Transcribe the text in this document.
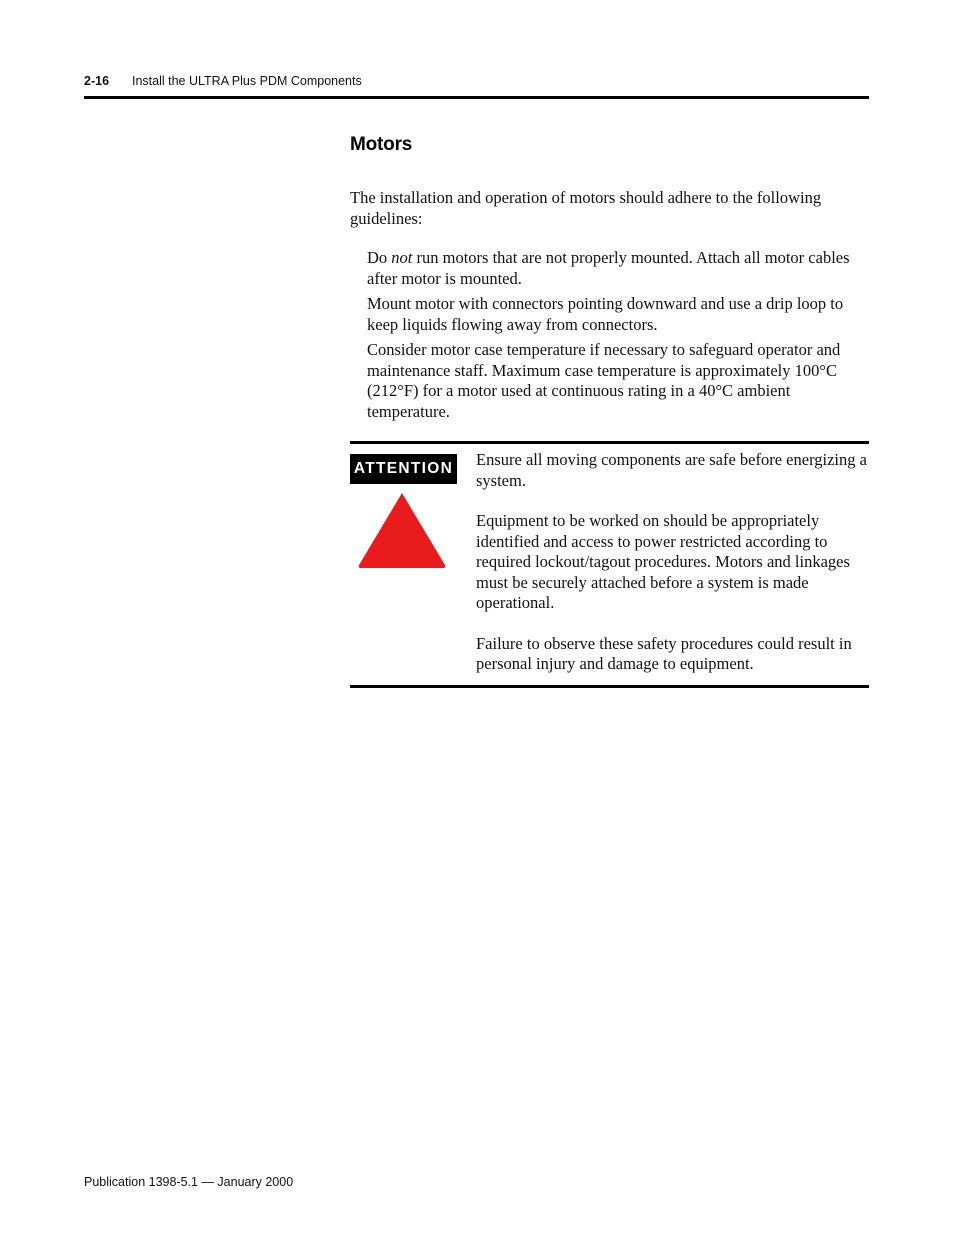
2-16 Install the ULTRA Plus PDM Components
Motors

The installation and operation of motors should adhere to the following guidelines:

Do not run motors that are not properly mounted. Attach all motor cables after motor is mounted.
Mount motor with connectors pointing downward and use a drip loop to keep liquids flowing away from connectors.
Consider motor case temperature if necessary to safeguard operator and maintenance staff. Maximum case temperature is approximately 100°C (212°F) for a motor used at continuous rating in a 40°C ambient temperature.
ATTENTION Ensure all moving components are safe before energizing a system.

Equipment to be worked on should be appropriately identified and access to power restricted according to required lockout/tagout procedures. Motors and linkages must be securely attached before a system is made operational.

Failure to observe these safety procedures could result in personal injury and damage to equipment.

Publication 1398-5.1 — January 2000
